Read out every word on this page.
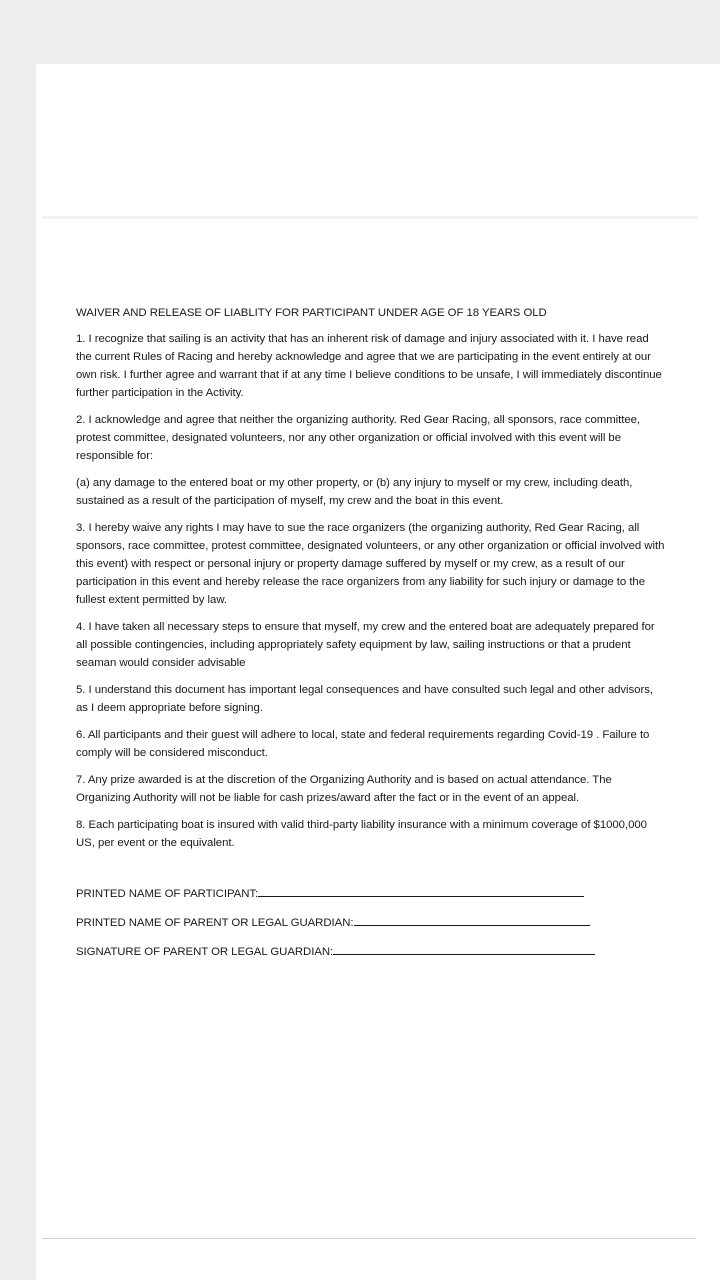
WAIVER AND RELEASE OF LIABLITY FOR PARTICIPANT UNDER AGE OF 18 YEARS OLD

1. I recognize that sailing is an activity that has an inherent risk of damage and injury associated with it. I have read the current Rules of Racing and hereby acknowledge and agree that we are participating in the event entirely at our own risk. I further agree and warrant that if at any time I believe conditions to be unsafe, I will immediately discontinue further participation in the Activity.

2. I acknowledge and agree that neither the organizing authority. Red Gear Racing, all sponsors, race committee, protest committee, designated volunteers, nor any other organization or official involved with this event will be responsible for:

(a) any damage to the entered boat or my other property, or (b) any injury to myself or my crew, including death, sustained as a result of the participation of myself, my crew and the boat in this event.

3. I hereby waive any rights I may have to sue the race organizers (the organizing authority, Red Gear Racing, all sponsors, race committee, protest committee, designated volunteers, or any other organization or official involved with this event) with respect or personal injury or property damage suffered by myself or my crew, as a result of our participation in this event and hereby release the race organizers from any liability for such injury or damage to the fullest extent permitted by law.

4. I have taken all necessary steps to ensure that myself, my crew and the entered boat are adequately prepared for all possible contingencies, including appropriately safety equipment by law, sailing instructions or that a prudent seaman would consider advisable

5. I understand this document has important legal consequences and have consulted such legal and other advisors, as I deem appropriate before signing.

6. All participants and their guest will adhere to local, state and federal requirements regarding Covid-19 . Failure to comply will be considered misconduct.

7. Any prize awarded is at the discretion of the Organizing Authority and is based on actual attendance. The Organizing Authority will not be liable for cash prizes/award after the fact or in the event of an appeal.

8. Each participating boat is insured with valid third-party liability insurance with a minimum coverage of $1000,000 US, per event or the equivalent.

PRINTED NAME OF PARTICIPANT:
PRINTED NAME OF PARENT OR LEGAL GUARDIAN:
SIGNATURE OF PARENT OR LEGAL GUARDIAN:
